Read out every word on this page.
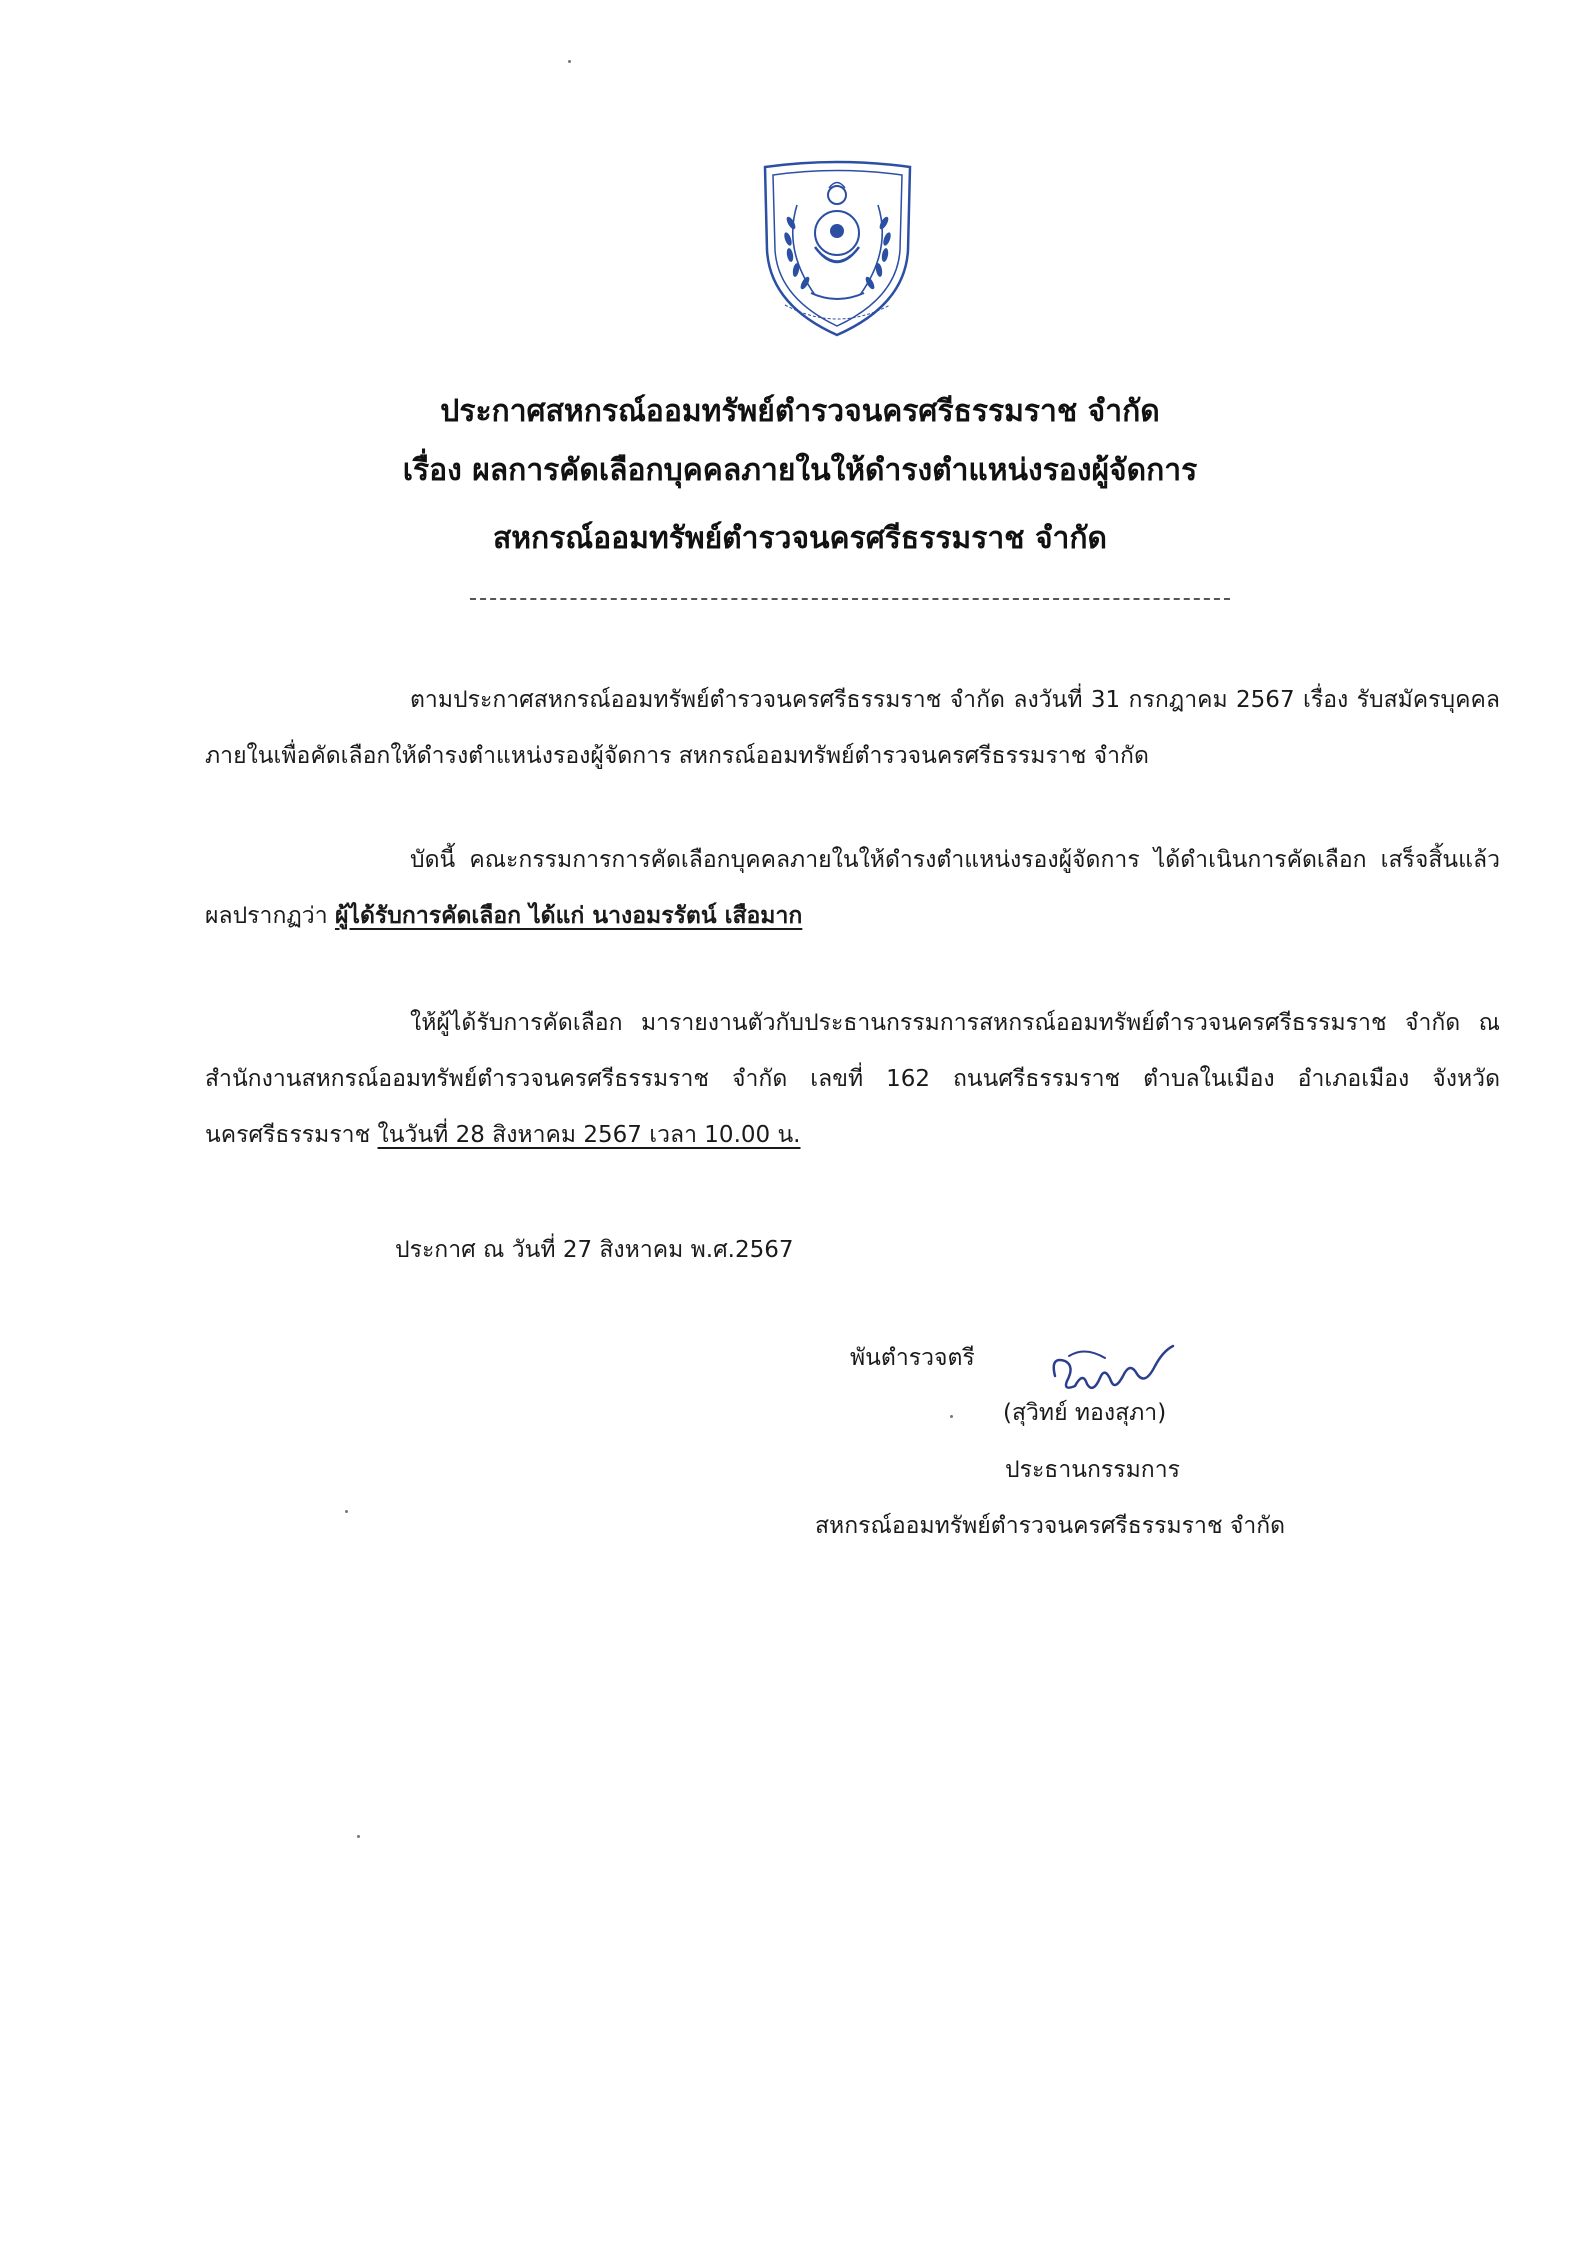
ประกาศสหกรณ์ออมทรัพย์ตำรวจนครศรีธรรมราช จำกัด
เรื่อง ผลการคัดเลือกบุคคลภายในให้ดำรงตำแหน่งรองผู้จัดการ
สหกรณ์ออมทรัพย์ตำรวจนครศรีธรรมราช จำกัด
ตามประกาศสหกรณ์ออมทรัพย์ตำรวจนครศรีธรรมราช จำกัด ลงวันที่ 31 กรกฎาคม 2567 เรื่อง รับสมัครบุคคลภายในเพื่อคัดเลือกให้ดำรงตำแหน่งรองผู้จัดการ สหกรณ์ออมทรัพย์ตำรวจนครศรีธรรมราช จำกัด
บัดนี้ คณะกรรมการการคัดเลือกบุคคลภายในให้ดำรงตำแหน่งรองผู้จัดการ ได้ดำเนินการคัดเลือก เสร็จสิ้นแล้ว ผลปรากฏว่า ผู้ได้รับการคัดเลือก ได้แก่ นางอมรรัตน์ เสือมาก
ให้ผู้ได้รับการคัดเลือก มารายงานตัวกับประธานกรรมการสหกรณ์ออมทรัพย์ตำรวจนครศรีธรรมราช จำกัด ณ สำนักงานสหกรณ์ออมทรัพย์ตำรวจนครศรีธรรมราช จำกัด เลขที่ 162 ถนนศรีธรรมราช ตำบลในเมือง อำเภอเมือง จังหวัดนครศรีธรรมราช ในวันที่ 28 สิงหาคม 2567 เวลา 10.00 น.
ประกาศ ณ วันที่ 27 สิงหาคม พ.ศ.2567
พันตำรวจตรี
(สุวิทย์ ทองสุภา)
ประธานกรรมการ
สหกรณ์ออมทรัพย์ตำรวจนครศรีธรรมราช จำกัด
